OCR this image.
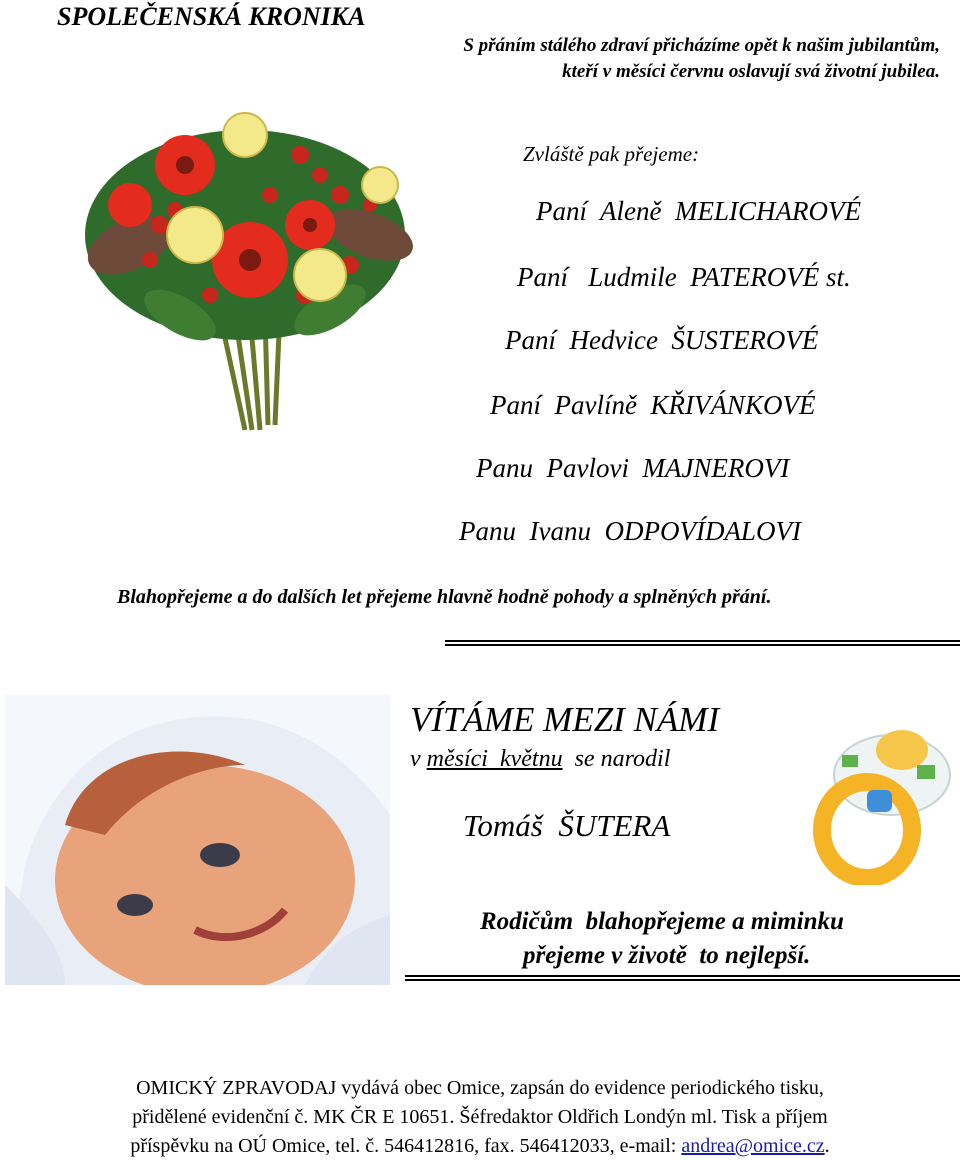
SPOLEČENSKÁ KRONIKA
S přáním stálého zdraví přicházíme opět k našim jubilantům, kteří v měsíci červnu oslavují svá životní jubilea.
Zvláště pak přejeme:
Paní  Aleně  MELICHAROVÉ
Paní   Ludmile  PATEROVÉ st.
Paní  Hedvice  ŠUSTEROVÉ
Paní  Pavlíně  KŘIVÁNKOVÉ
Panu  Pavlovi  MAJNEROVI
Panu  Ivanu  ODPOVÍDALOVI
Blahopřejeme a do dalších let přejeme hlavně hodně pohody a splněných přání.
VÍTÁME MEZI NÁMI
v měsíci  květnu  se narodil
Tomáš  ŠUTERA
Rodičům  blahopřejeme a miminku
přejeme v životě  to nejlepší.
OMICKÝ ZPRAVODAJ vydává obec Omice, zapsán do evidence periodického tisku,
přidělené evidenční č. MK ČR E 10651. Šéfredaktor Oldřich Londýn ml. Tisk a příjem
příspěvku na OÚ Omice, tel. č. 546412816, fax. 546412033, e-mail: andrea@omice.cz.
